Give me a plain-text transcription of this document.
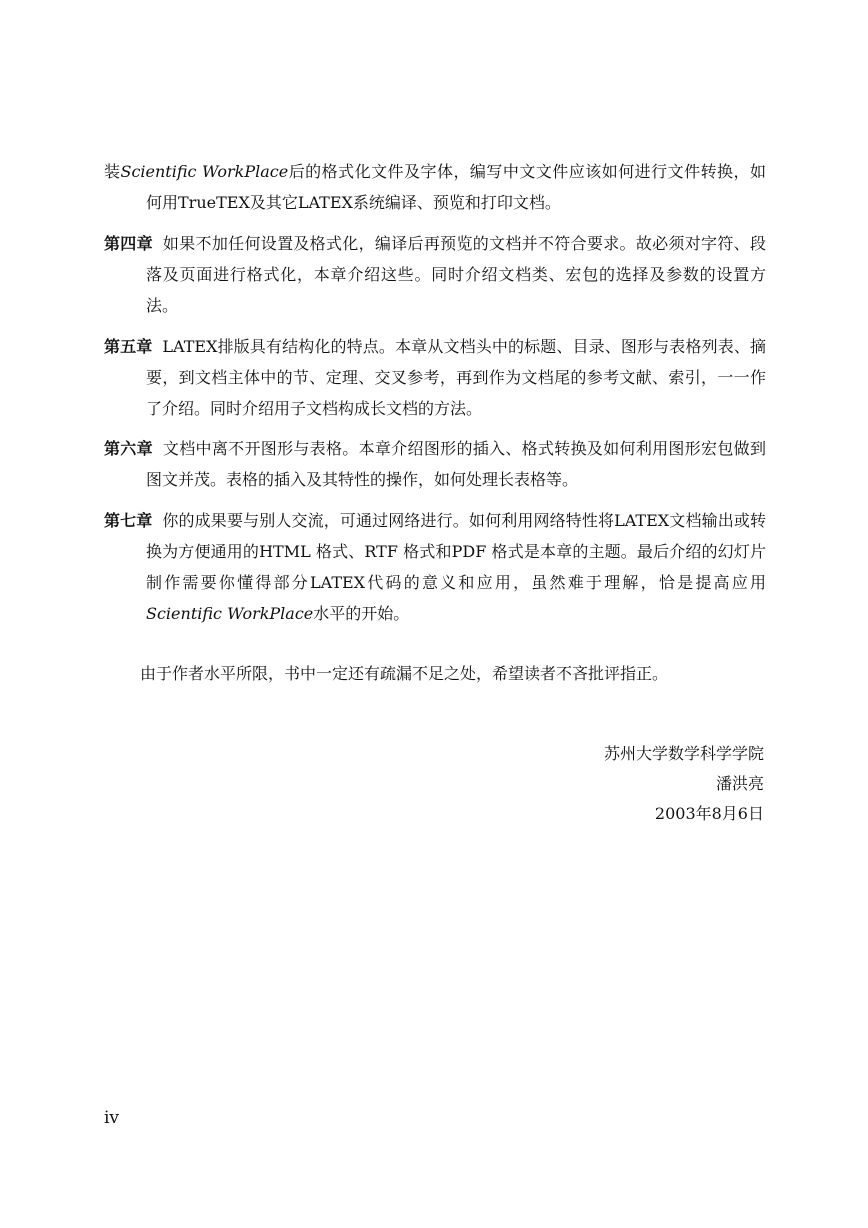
装Scientific WorkPlace后的格式化文件及字体，编写中文文件应该如何进行文件转换，如何用TrueTEX及其它LATEX系统编译、预览和打印文档。
第四章 如果不加任何设置及格式化，编译后再预览的文档并不符合要求。故必须对字符、段落及页面进行格式化，本章介绍这些。同时介绍文档类、宏包的选择及参数的设置方法。
第五章 LATEX排版具有结构化的特点。本章从文档头中的标题、目录、图形与表格列表、摘要，到文档主体中的节、定理、交叉参考，再到作为文档尾的参考文献、索引，一一作了介绍。同时介绍用子文档构成长文档的方法。
第六章 文档中离不开图形与表格。本章介绍图形的插入、格式转换及如何利用图形宏包做到图文并茂。表格的插入及其特性的操作，如何处理长表格等。
第七章 你的成果要与别人交流，可通过网络进行。如何利用网络特性将LATEX文档输出或转换为方便通用的HTML 格式、RTF 格式和PDF 格式是本章的主题。最后介绍的幻灯片制作需要你懂得部分LATEX代码的意义和应用，虽然难于理解，恰是提高应用Scientific WorkPlace水平的开始。
由于作者水平所限，书中一定还有疏漏不足之处，希望读者不吝批评指正。
苏州大学数学科学学院
潘洪亮
2003年8月6日
iv
